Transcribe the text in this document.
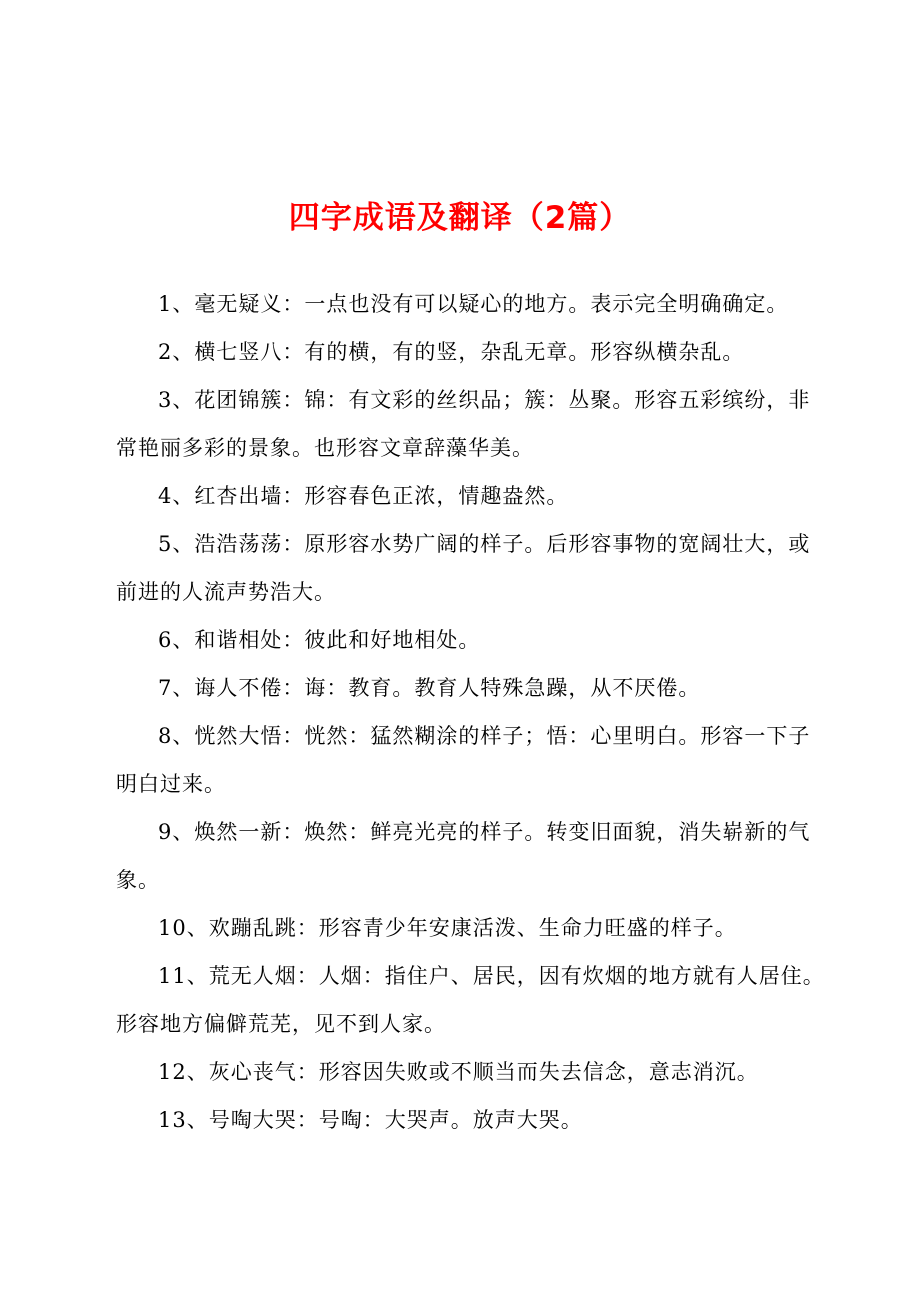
四字成语及翻译（2篇）

1、毫无疑义：一点也没有可以疑心的地方。表示完全明确确定。

2、横七竖八：有的横，有的竖，杂乱无章。形容纵横杂乱。

3、花团锦簇：锦：有文彩的丝织品；簇：丛聚。形容五彩缤纷，非常艳丽多彩的景象。也形容文章辞藻华美。

4、红杏出墙：形容春色正浓，情趣盎然。

5、浩浩荡荡：原形容水势广阔的样子。后形容事物的宽阔壮大，或前进的人流声势浩大。

6、和谐相处：彼此和好地相处。

7、诲人不倦：诲：教育。教育人特殊急躁，从不厌倦。

8、恍然大悟：恍然：猛然糊涂的样子；悟：心里明白。形容一下子明白过来。

9、焕然一新：焕然：鲜亮光亮的样子。转变旧面貌，消失崭新的气象。

10、欢蹦乱跳：形容青少年安康活泼、生命力旺盛的样子。

11、荒无人烟：人烟：指住户、居民，因有炊烟的地方就有人居住。形容地方偏僻荒芜，见不到人家。

12、灰心丧气：形容因失败或不顺当而失去信念，意志消沉。

13、号啕大哭：号啕：大哭声。放声大哭。
